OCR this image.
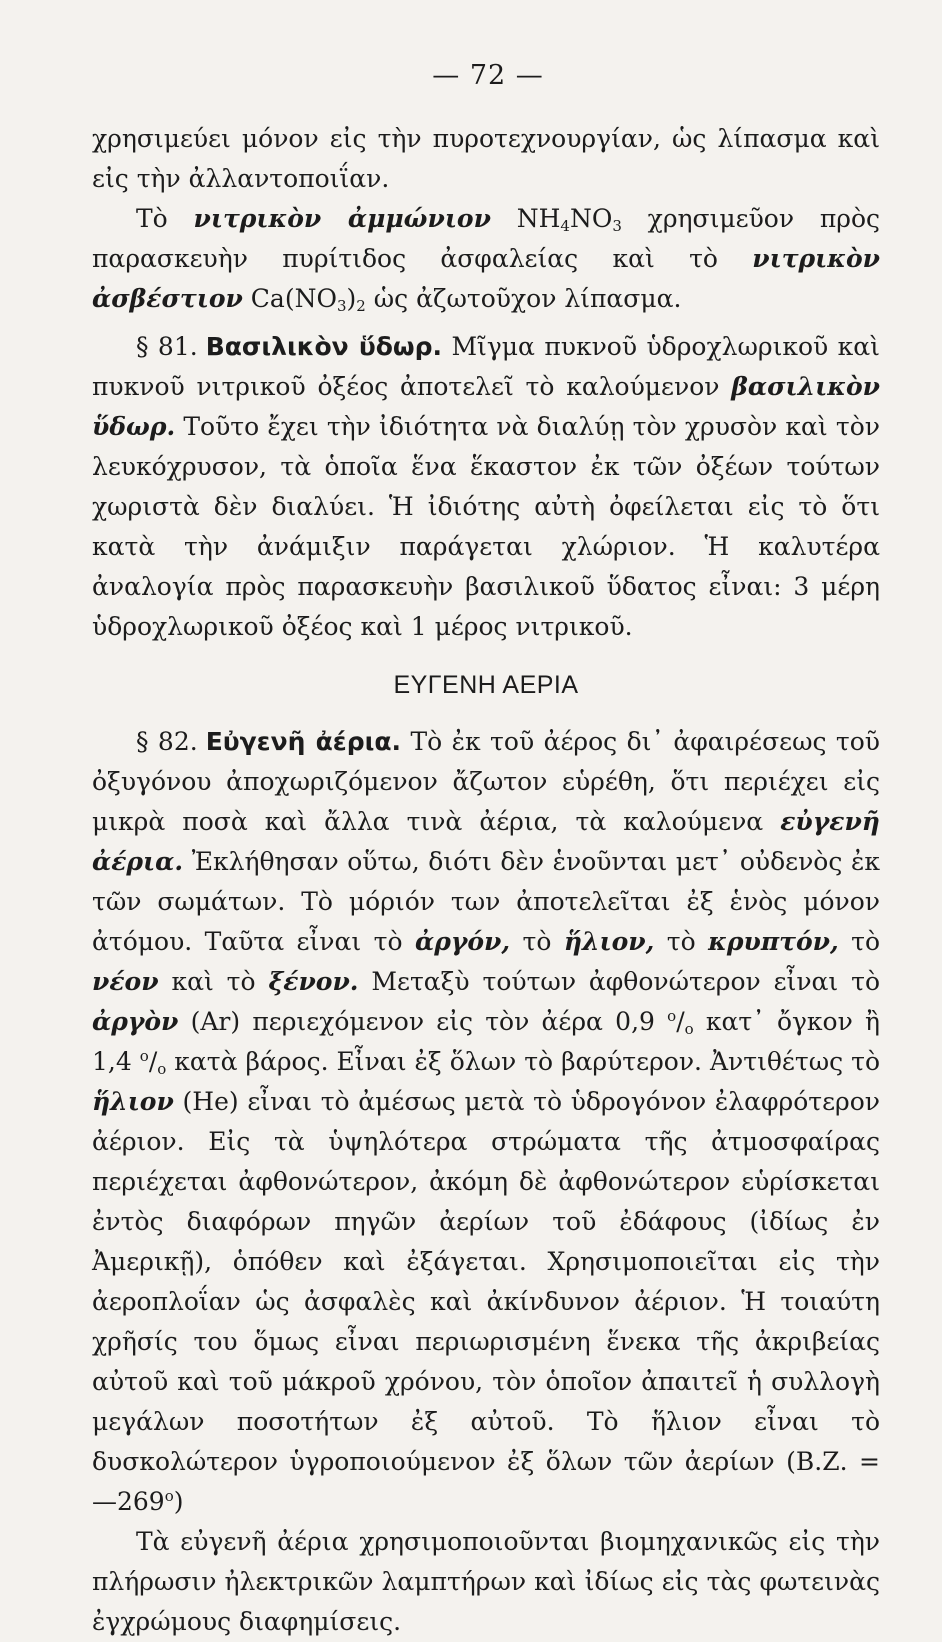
— 72 —

χρησιμεύει μόνον εἰς τὴν πυροτεχνουργίαν, ὡς λίπασμα καὶ εἰς τὴν ἀλλαντοποιΐαν.

Τὸ νιτρικὸν ἀμμώνιον $NH_4NO_3$ χρησιμεῦον πρὸς παρασκευὴν πυρίτιδος ἀσφαλείας καὶ τὸ νιτρικὸν ἀσβέστιον $Ca(NO_3)_2$ ὡς ἀζωτοῦχον λίπασμα.

§ 81. Βασιλικὸν ὕδωρ. Μῖγμα πυκνοῦ ὑδροχλωρικοῦ καὶ πυκνοῦ νιτρικοῦ ὀξέος ἀποτελεῖ τὸ καλούμενον βασιλικὸν ὕδωρ. Τοῦτο ἔχει τὴν ἰδιότητα νὰ διαλύῃ τὸν χρυσὸν καὶ τὸν λευκόχρυσον, τὰ ὁποῖα ἕνα ἕκαστον ἐκ τῶν ὀξέων τούτων χωριστὰ δὲν διαλύει. Ἡ ἰδιότης αὐτὴ ὀφείλεται εἰς τὸ ὅτι κατὰ τὴν ἀνάμιξιν παράγεται χλώριον. Ἡ καλυτέρα ἀναλογία πρὸς παρασκευὴν βασιλικοῦ ὕδατος εἶναι: 3 μέρη ὑδροχλωρικοῦ ὀξέος καὶ 1 μέρος νιτρικοῦ.

ΕΥΓΕΝΗ ΑΕΡΙΑ

§ 82. Εὐγενῆ ἀέρια. Τὸ ἐκ τοῦ ἀέρος δι᾿ ἀφαιρέσεως τοῦ ὀξυγόνου ἀποχωριζόμενον ἄζωτον εὑρέθη, ὅτι περιέχει εἰς μικρὰ ποσὰ καὶ ἄλλα τινὰ ἀέρια, τὰ καλούμενα εὐγενῆ ἀέρια. Ἐκλήθησαν οὕτω, διότι δὲν ἑνοῦνται μετ᾿ οὐδενὸς ἐκ τῶν σωμάτων. Τὸ μόριόν των ἀποτελεῖται ἐξ ἑνὸς μόνον ἀτόμου. Ταῦτα εἶναι τὸ ἀργόν, τὸ ἥλιον, τὸ κρυπτόν, τὸ νέον καὶ τὸ ξένον. Μεταξὺ τούτων ἀφθονώτερον εἶναι τὸ ἀργὸν (Ar) περιεχόμενον εἰς τὸν ἀέρα 0,9 $^o/_o$ κατ᾿ ὄγκον ἢ 1,4 $^o/_o$ κατὰ βάρος. Εἶναι ἐξ ὅλων τὸ βαρύτερον. Ἀντιθέτως τὸ ἥλιον (He) εἶναι τὸ ἀμέσως μετὰ τὸ ὑδρογόνον ἐλαφρότερον ἀέριον. Εἰς τὰ ὑψηλότερα στρώματα τῆς ἀτμοσφαίρας περιέχεται ἀφθονώτερον, ἀκόμη δὲ ἀφθονώτερον εὑρίσκεται ἐντὸς διαφόρων πηγῶν ἀερίων τοῦ ἐδάφους (ἰδίως ἐν Ἀμερικῇ), ὁπόθεν καὶ ἐξάγεται. Χρησιμοποιεῖται εἰς τὴν ἀεροπλοΐαν ὡς ἀσφαλὲς καὶ ἀκίνδυνον ἀέριον. Ἡ τοιαύτη χρῆσίς του ὅμως εἶναι περιωρισμένη ἕνεκα τῆς ἀκριβείας αὐτοῦ καὶ τοῦ μάκροῦ χρόνου, τὸν ὁποῖον ἀπαιτεῖ ἡ συλλογὴ μεγάλων ποσοτήτων ἐξ αὐτοῦ. Τὸ ἥλιον εἶναι τὸ δυσκολώτερον ὑγροποιούμενον ἐξ ὅλων τῶν ἀερίων (Β.Ζ. = $—269^o$)

Τὰ εὐγενῆ ἀέρια χρησιμοποιοῦνται βιομηχανικῶς εἰς τὴν πλήρωσιν ἠλεκτρικῶν λαμπτήρων καὶ ἰδίως εἰς τὰς φωτεινὰς ἐγχρώμους διαφημίσεις.
